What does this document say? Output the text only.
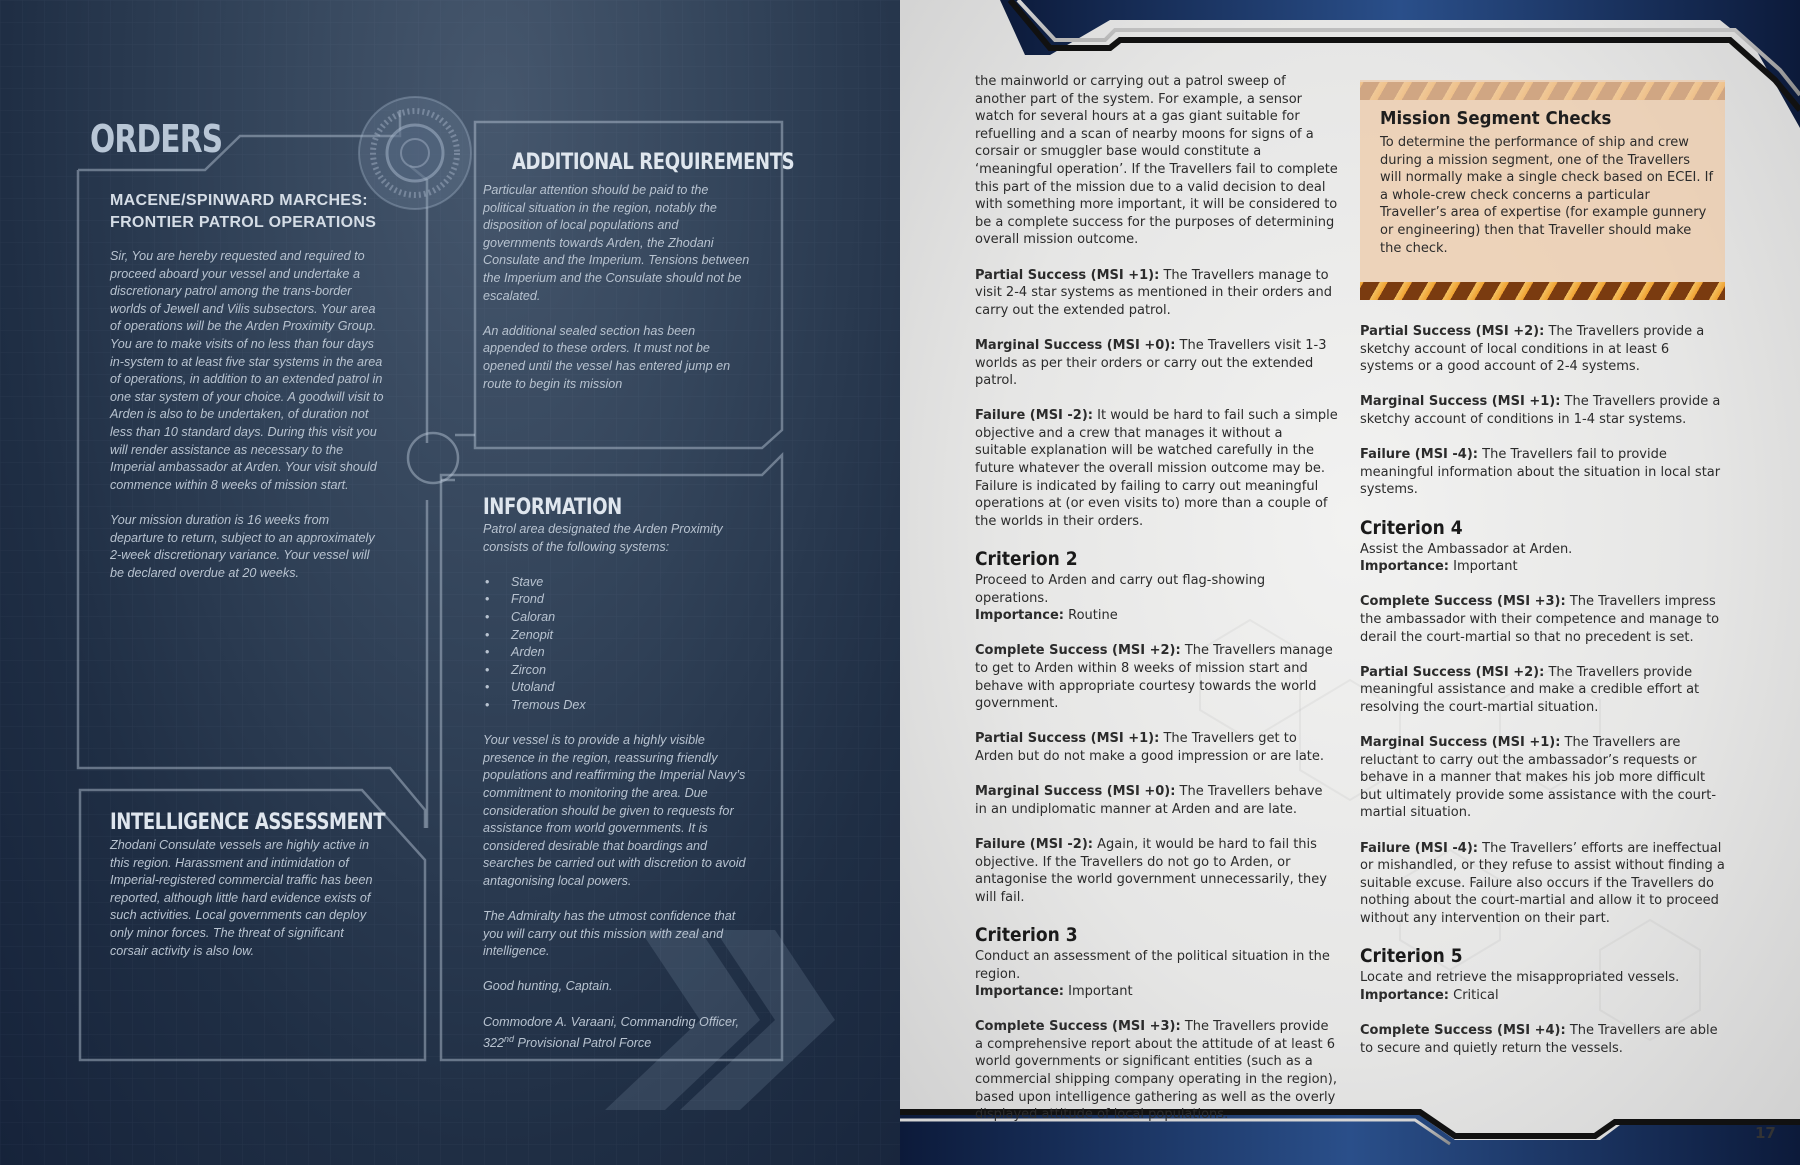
ORDERS
MACENE/SPINWARD MARCHES:
FRONTIER PATROL OPERATIONS

Sir, You are hereby requested and required to proceed aboard your vessel and undertake a discretionary patrol among the trans-border worlds of Jewell and Vilis subsectors. Your area of operations will be the Arden Proximity Group. You are to make visits of no less than four days in-system to at least five star systems in the area of operations, in addition to an extended patrol in one star system of your choice. A goodwill visit to Arden is also to be undertaken, of duration not less than 10 standard days. During this visit you will render assistance as necessary to the Imperial ambassador at Arden. Your visit should commence within 8 weeks of mission start.

Your mission duration is 16 weeks from departure to return, subject to an approximately 2-week discretionary variance. Your vessel will be declared overdue at 20 weeks.

INTELLIGENCE ASSESSMENT

Zhodani Consulate vessels are highly active in this region. Harassment and intimidation of Imperial-registered commercial traffic has been reported, although little hard evidence exists of such activities. Local governments can deploy only minor forces. The threat of significant corsair activity is also low.

ADDITIONAL REQUIREMENTS

Particular attention should be paid to the political situation in the region, notably the disposition of local populations and governments towards Arden, the Zhodani Consulate and the Imperium. Tensions between the Imperium and the Consulate should not be escalated.

An additional sealed section has been appended to these orders. It must not be opened until the vessel has entered jump en route to begin its mission

INFORMATION

Patrol area designated the Arden Proximity consists of the following systems:

• Stave
• Frond
• Caloran
• Zenopit
• Arden
• Zircon
• Utoland
• Tremous Dex

Your vessel is to provide a highly visible presence in the region, reassuring friendly populations and reaffirming the Imperial Navy’s commitment to monitoring the area. Due consideration should be given to requests for assistance from world governments. It is considered desirable that boardings and searches be carried out with discretion to avoid antagonising local powers.

The Admiralty has the utmost confidence that you will carry out this mission with zeal and intelligence.

Good hunting, Captain.

Commodore A. Varaani, Commanding Officer,
322nd Provisional Patrol Force

17

the mainworld or carrying out a patrol sweep of another part of the system. For example, a sensor watch for several hours at a gas giant suitable for refuelling and a scan of nearby moons for signs of a corsair or smuggler base would constitute a ‘meaningful operation’. If the Travellers fail to complete this part of the mission due to a valid decision to deal with something more important, it will be considered to be a complete success for the purposes of determining overall mission outcome.

Partial Success (MSI +1): The Travellers manage to visit 2-4 star systems as mentioned in their orders and carry out the extended patrol.

Marginal Success (MSI +0): The Travellers visit 1-3 worlds as per their orders or carry out the extended patrol.

Failure (MSI -2): It would be hard to fail such a simple objective and a crew that manages it without a suitable explanation will be watched carefully in the future whatever the overall mission outcome may be. Failure is indicated by failing to carry out meaningful operations at (or even visits to) more than a couple of the worlds in their orders.

Criterion 2
Proceed to Arden and carry out flag-showing operations.

Importance: Routine

Complete Success (MSI +2): The Travellers manage to get to Arden within 8 weeks of mission start and behave with appropriate courtesy towards the world government.

Partial Success (MSI +1): The Travellers get to Arden but do not make a good impression or are late.

Marginal Success (MSI +0): The Travellers behave in an undiplomatic manner at Arden and are late.

Failure (MSI -2): Again, it would be hard to fail this objective. If the Travellers do not go to Arden, or antagonise the world government unnecessarily, they will fail.

Criterion 3
Conduct an assessment of the political situation in the region.

Importance: Important

Complete Success (MSI +3): The Travellers provide a comprehensive report about the attitude of at least 6 world governments or significant entities (such as a commercial shipping company operating in the region), based upon intelligence gathering as well as the overly displayed attitude of local populations.

Mission Segment Checks
To determine the performance of ship and crew during a mission segment, one of the Travellers will normally make a single check based on ECEI. If a whole-crew check concerns a particular Traveller’s area of expertise (for example gunnery or engineering) then that Traveller should make the check.

Partial Success (MSI +2): The Travellers provide a sketchy account of local conditions in at least 6 systems or a good account of 2-4 systems.

Marginal Success (MSI +1): The Travellers provide a sketchy account of conditions in 1-4 star systems.

Failure (MSI -4): The Travellers fail to provide meaningful information about the situation in local star systems.

Criterion 4
Assist the Ambassador at Arden.

Importance: Important

Complete Success (MSI +3): The Travellers impress the ambassador with their competence and manage to derail the court-martial so that no precedent is set.

Partial Success (MSI +2): The Travellers provide meaningful assistance and make a credible effort at resolving the court-martial situation.

Marginal Success (MSI +1): The Travellers are reluctant to carry out the ambassador’s requests or behave in a manner that makes his job more difficult but ultimately provide some assistance with the court-martial situation.

Failure (MSI -4): The Travellers’ efforts are ineffectual or mishandled, or they refuse to assist without finding a suitable excuse. Failure also occurs if the Travellers do nothing about the court-martial and allow it to proceed without any intervention on their part.

Criterion 5
Locate and retrieve the misappropriated vessels.

Importance: Critical

Complete Success (MSI +4): The Travellers are able to secure and quietly return the vessels.
